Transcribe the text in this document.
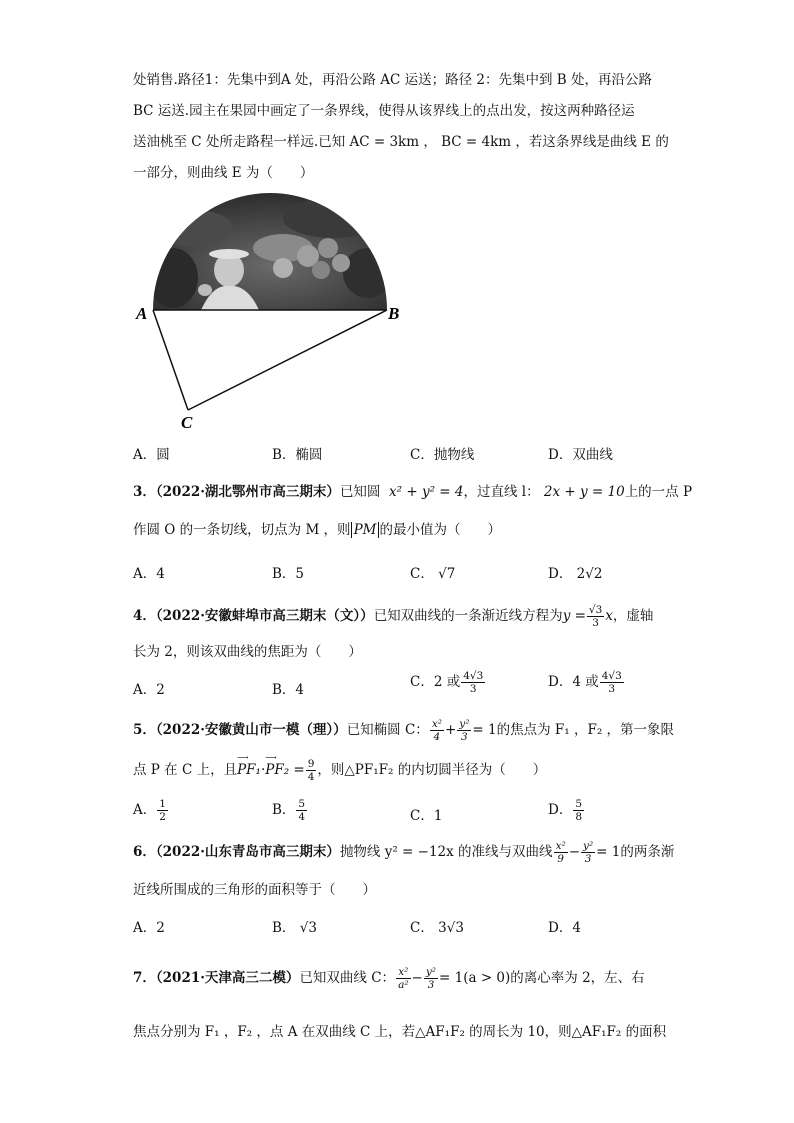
处销售.路径1：先集中到A 处，再沿公路 AC 运送；路径 2：先集中到 B 处，再沿公路
BC 运送.园主在果园中画定了一条界线，使得从该界线上的点出发，按这两种路径运
送油桃至 C 处所走路程一样远.已知 AC = 3km ， BC = 4km ，若这条界线是曲线 E 的
一部分，则曲线 E 为（　　）
A	B
C
A．圆	B．椭圆	C．抛物线	D．双曲线
3．（2022·湖北鄂州市高三期末）已知圆 x² + y² = 4，过直线 l： 2x + y = 10上的一点 P
作圆 O 的一条切线，切点为 M ，则 PM 的最小值为（　　）
A．4	B．5	C． √7	D． 2√2
4．（2022·安徽蚌埠市高三期末（文））已知双曲线的一条渐近线方程为$y = \frac{√3}{3}$ x，虚轴
长为 2，则该双曲线的焦距为（　　）
A．2	B．4	C．2 或 $\frac{4√3}{3}$	D．4 或 $\frac{4√3}{3}$
5．（2022·安徽黄山市一模（理））已知椭圆 C： $\frac{\text{x²}}{4} + \frac{\text{y²}}{3} = 1$的焦点为 F₁ ，F₂ ，第一象限
点 P 在 C 上，且
⟶
PF₁·
⟶
$PF_2 = \frac{9}{4}$ ，则△PF₁F₂ 的内切圆半径为（　　）
A． $\frac{1}{2}$	B． $\frac{5}{4}$	C．1	D． $\frac{5}{8}$
6．（2022·山东青岛市高三期末）抛物线 y² = −12x 的准线与双曲线 $\frac{\text{x²}}{9} - \frac{\text{y²}}{3} = 1$的两条渐
近线所围成的三角形的面积等于（　　）
A．2	B． √3	C． 3√3	D．4
7．（2021·天津高三二模）已知双曲线 C： $\frac{\text{x²}}{\text{a²}} - \frac{\text{y²}}{3} = 1(a > 0)$的离心率为 2，左、右
焦点分别为 F₁ ，F₂ ，点 A 在双曲线 C 上，若△AF₁F₂ 的周长为 10，则△AF₁F₂ 的面积
